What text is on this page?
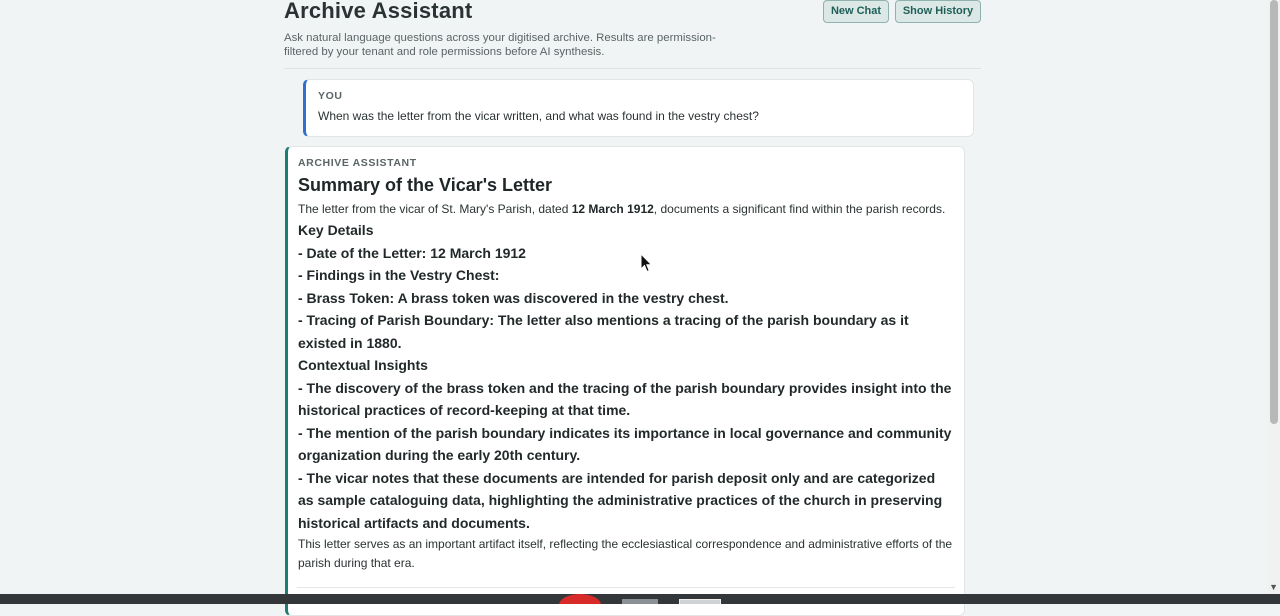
Archive Assistant
Ask natural language questions across your digitised archive. Results are permission-filtered by your tenant and role permissions before AI synthesis.
New Chat	Show History
YOU
When was the letter from the vicar written, and what was found in the vestry chest?
ARCHIVE ASSISTANT
Summary of the Vicar's Letter
The letter from the vicar of St. Mary's Parish, dated 12 March 1912, documents a significant find within the parish records.
Key Details
- Date of the Letter: 12 March 1912
- Findings in the Vestry Chest:
- Brass Token: A brass token was discovered in the vestry chest.
- Tracing of Parish Boundary: The letter also mentions a tracing of the parish boundary as it existed in 1880.
Contextual Insights
- The discovery of the brass token and the tracing of the parish boundary provides insight into the historical practices of record-keeping at that time.
- The mention of the parish boundary indicates its importance in local governance and community organization during the early 20th century.
- The vicar notes that these documents are intended for parish deposit only and are categorized as sample cataloguing data, highlighting the administrative practices of the church in preserving historical artifacts and documents.
This letter serves as an important artifact itself, reflecting the ecclesiastical correspondence and administrative efforts of the parish during that era.
▼
